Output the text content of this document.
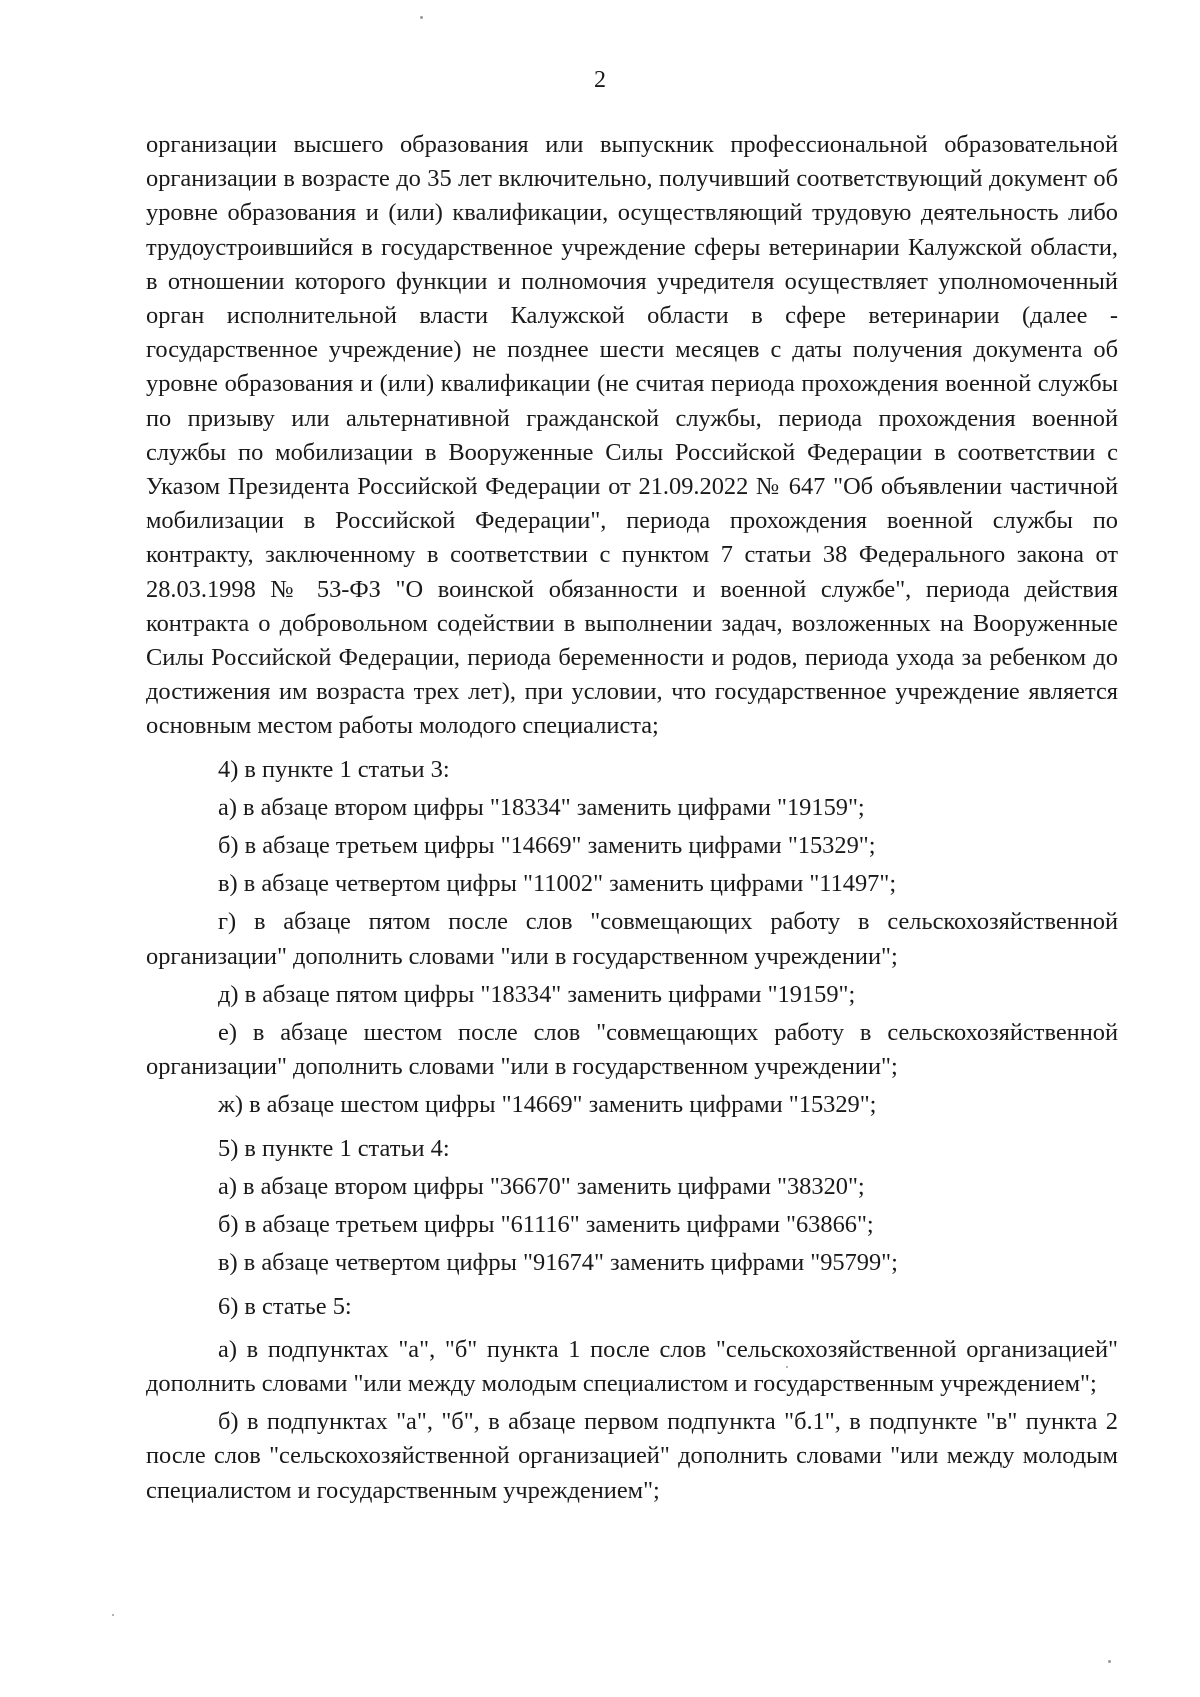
2

организации высшего образования или выпускник профессиональной образовательной организации в возрасте до 35 лет включительно, получивший соответствующий документ об уровне образования и (или) квалификации, осуществляющий трудовую деятельность либо трудоустроившийся в государственное учреждение сферы ветеринарии Калужской области, в отношении которого функции и полномочия учредителя осуществляет уполномоченный орган исполнительной власти Калужской области в сфере ветеринарии (далее - государственное учреждение) не позднее шести месяцев с даты получения документа об уровне образования и (или) квалификации (не считая периода прохождения военной службы по призыву или альтернативной гражданской службы, периода прохождения военной службы по мобилизации в Вооруженные Силы Российской Федерации в соответствии с Указом Президента Российской Федерации от 21.09.2022 № 647 "Об объявлении частичной мобилизации в Российской Федерации", периода прохождения военной службы по контракту, заключенному в соответствии с пунктом 7 статьи 38 Федерального закона от 28.03.1998 № 53-ФЗ "О воинской обязанности и военной службе", периода действия контракта о добровольном содействии в выполнении задач, возложенных на Вооруженные Силы Российской Федерации, периода беременности и родов, периода ухода за ребенком до достижения им возраста трех лет), при условии, что государственное учреждение является основным местом работы молодого специалиста;

4) в пункте 1 статьи 3:

а) в абзаце втором цифры "18334" заменить цифрами "19159";

б) в абзаце третьем цифры "14669" заменить цифрами "15329";

в) в абзаце четвертом цифры "11002" заменить цифрами "11497";

г) в абзаце пятом после слов "совмещающих работу в сельскохозяйственной организации" дополнить словами "или в государственном учреждении";

д) в абзаце пятом цифры "18334" заменить цифрами "19159";

е) в абзаце шестом после слов "совмещающих работу в сельскохозяйственной организации" дополнить словами "или в государственном учреждении";

ж) в абзаце шестом цифры "14669" заменить цифрами "15329";

5) в пункте 1 статьи 4:

а) в абзаце втором цифры "36670" заменить цифрами "38320";

б) в абзаце третьем цифры "61116" заменить цифрами "63866";

в) в абзаце четвертом цифры "91674" заменить цифрами "95799";

6) в статье 5:

а) в подпунктах "а", "б" пункта 1 после слов "сельскохозяйственной организацией" дополнить словами "или между молодым специалистом и государственным учреждением";

б) в подпунктах "а", "б", в абзаце первом подпункта "б.1", в подпункте "в" пункта 2 после слов "сельскохозяйственной организацией" дополнить словами "или между молодым специалистом и государственным учреждением";
